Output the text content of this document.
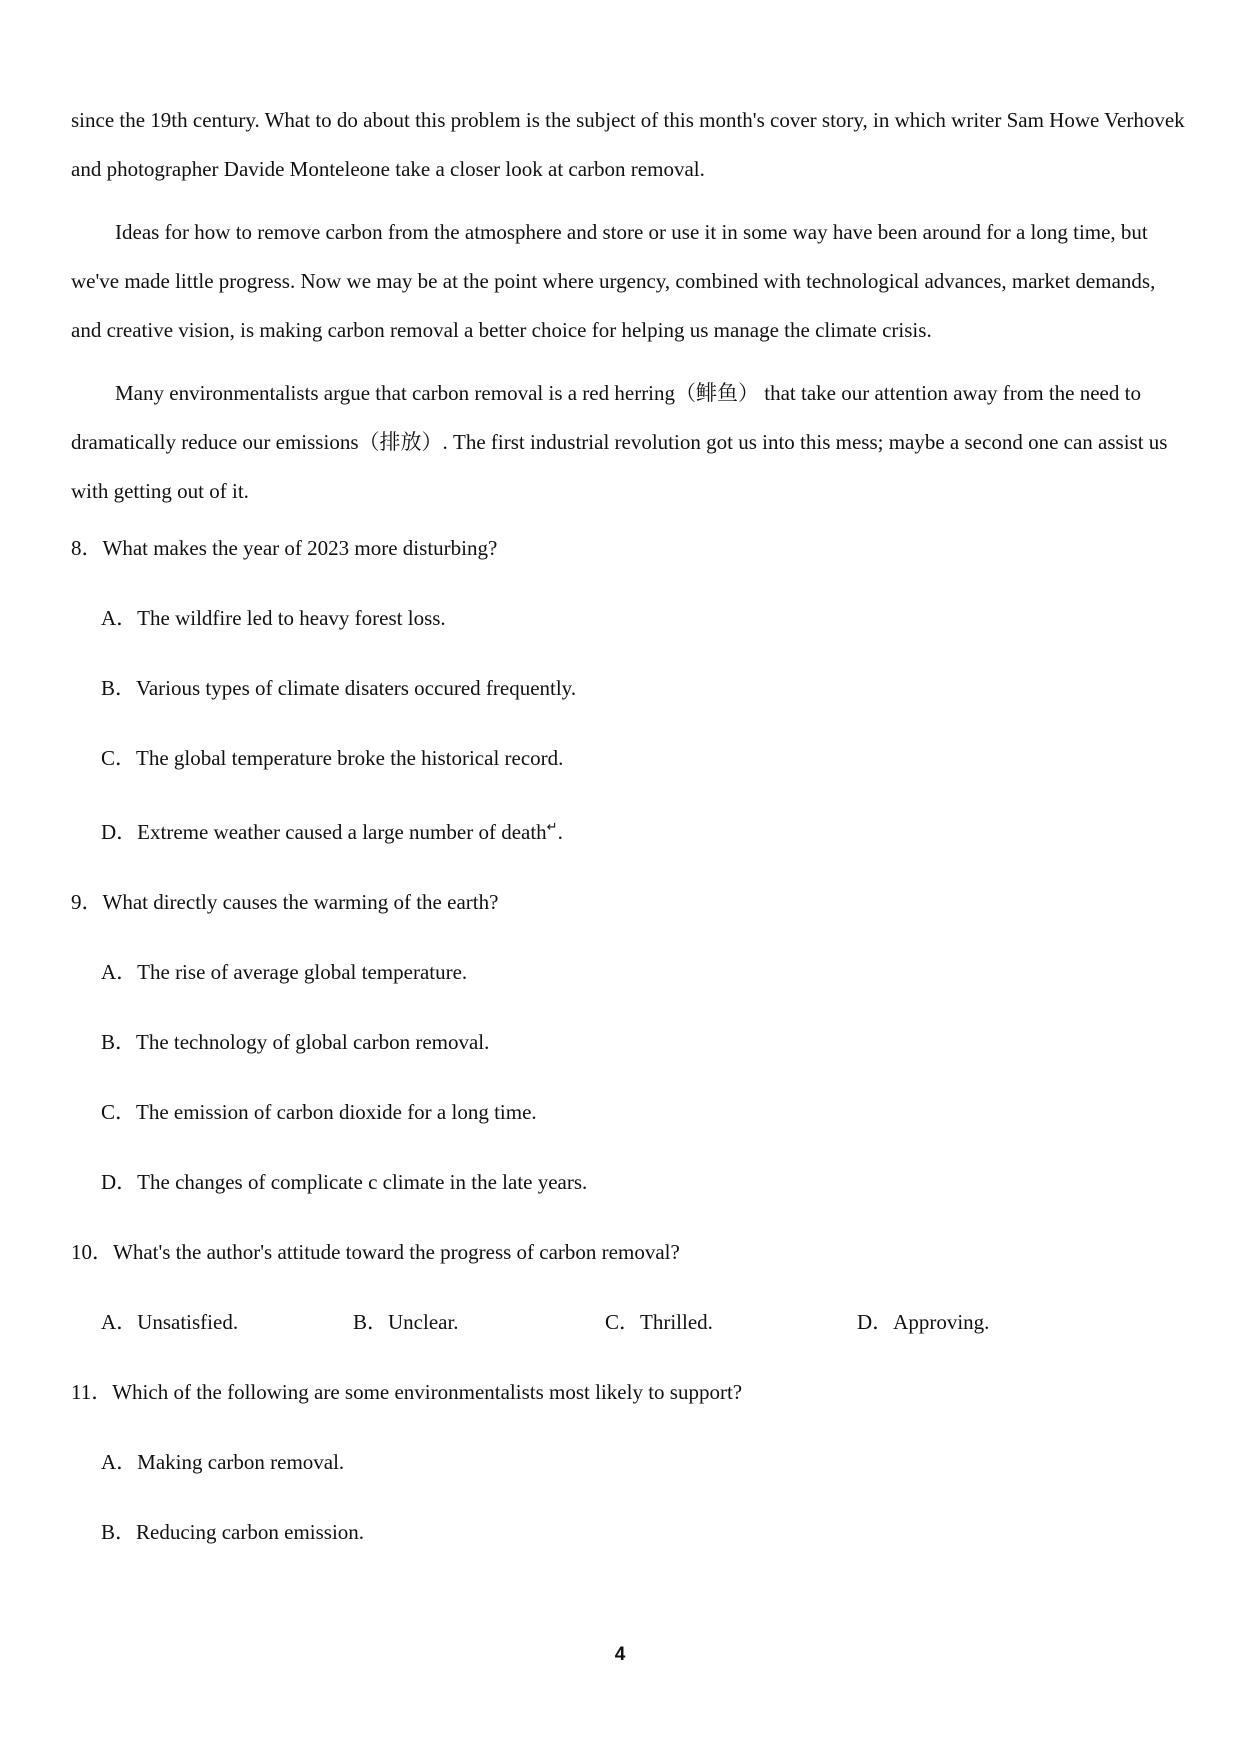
since the 19th century. What to do about this problem is the subject of this month's cover story, in which writer Sam Howe Verhovek and photographer Davide Monteleone take a closer look at carbon removal.

Ideas for how to remove carbon from the atmosphere and store or use it in some way have been around for a long time, but we've made little progress. Now we may be at the point where urgency, combined with technological advances, market demands, and creative vision, is making carbon removal a better choice for helping us manage the climate crisis.

Many environmentalists argue that carbon removal is a red herring（鲱鱼） that take our attention away from the need to dramatically reduce our emissions（排放）. The first industrial revolution got us into this mess; maybe a second one can assist us with getting out of it.

8．What makes the year of 2023 more disturbing?
A．The wildfire led to heavy forest loss.
B．Various types of climate disaters occured frequently.
C．The global temperature broke the historical record.
D．Extreme weather caused a large number of death↵.
9．What directly causes the warming of the earth?
A．The rise of average global temperature.
B．The technology of global carbon removal.
C．The emission of carbon dioxide for a long time.
D．The changes of complicate c climate in the late years.
10．What's the author's attitude toward the progress of carbon removal?
A．Unsatisfied.	B．Unclear.	C．Thrilled.	D．Approving.
11．Which of the following are some environmentalists most likely to support?
A．Making carbon removal.
B．Reducing carbon emission.
4
